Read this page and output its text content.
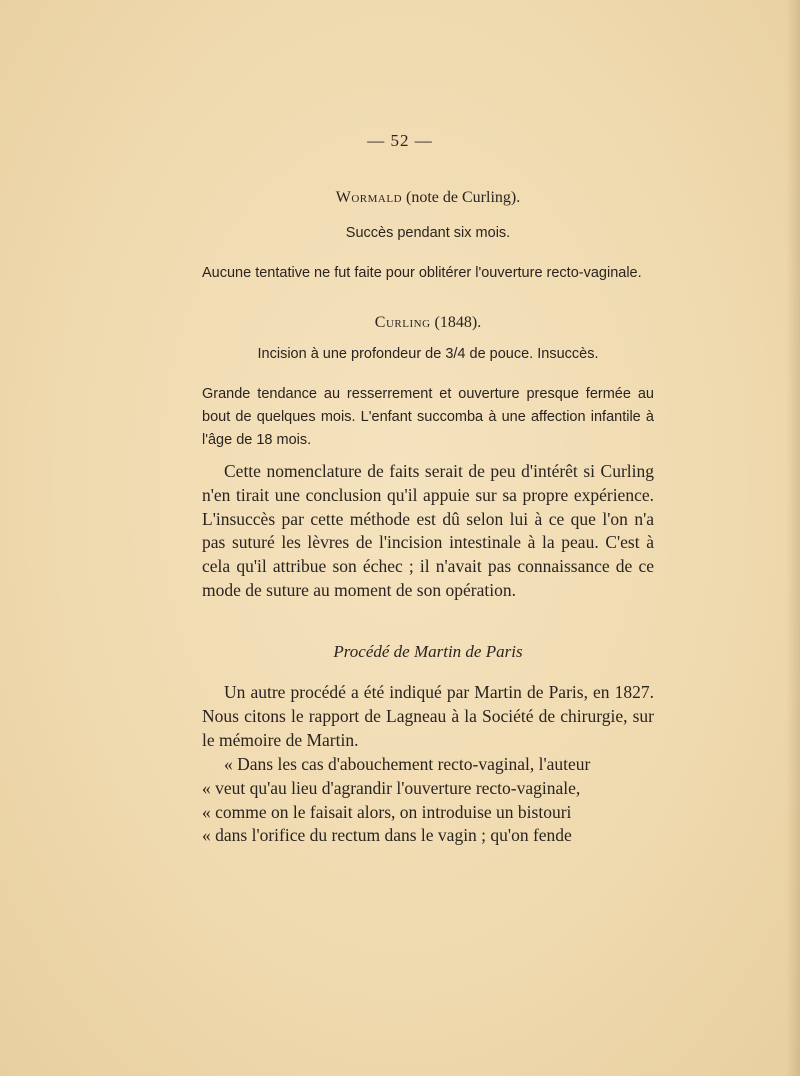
— 52 —
Wormald (note de Curling).
Succès pendant six mois.
Aucune tentative ne fut faite pour oblitérer l'ouverture recto-vaginale.
Curling (1848).
Incision à une profondeur de 3/4 de pouce. Insuccès.
Grande tendance au resserrement et ouverture presque fermée au bout de quelques mois. L'enfant succomba à une affection infantile à l'âge de 18 mois.
Cette nomenclature de faits serait de peu d'intérêt si Curling n'en tirait une conclusion qu'il appuie sur sa propre expérience. L'insuccès par cette méthode est dû selon lui à ce que l'on n'a pas suturé les lèvres de l'incision intestinale à la peau. C'est à cela qu'il attribue son échec ; il n'avait pas connaissance de ce mode de suture au moment de son opération.
Procédé de Martin de Paris
Un autre procédé a été indiqué par Martin de Paris, en 1827. Nous citons le rapport de Lagneau à la Société de chirurgie, sur le mémoire de Martin.

« Dans les cas d'abouchement recto-vaginal, l'auteur

« veut qu'au lieu d'agrandir l'ouverture recto-vaginale,

« comme on le faisait alors, on introduise un bistouri

« dans l'orifice du rectum dans le vagin ; qu'on fende
